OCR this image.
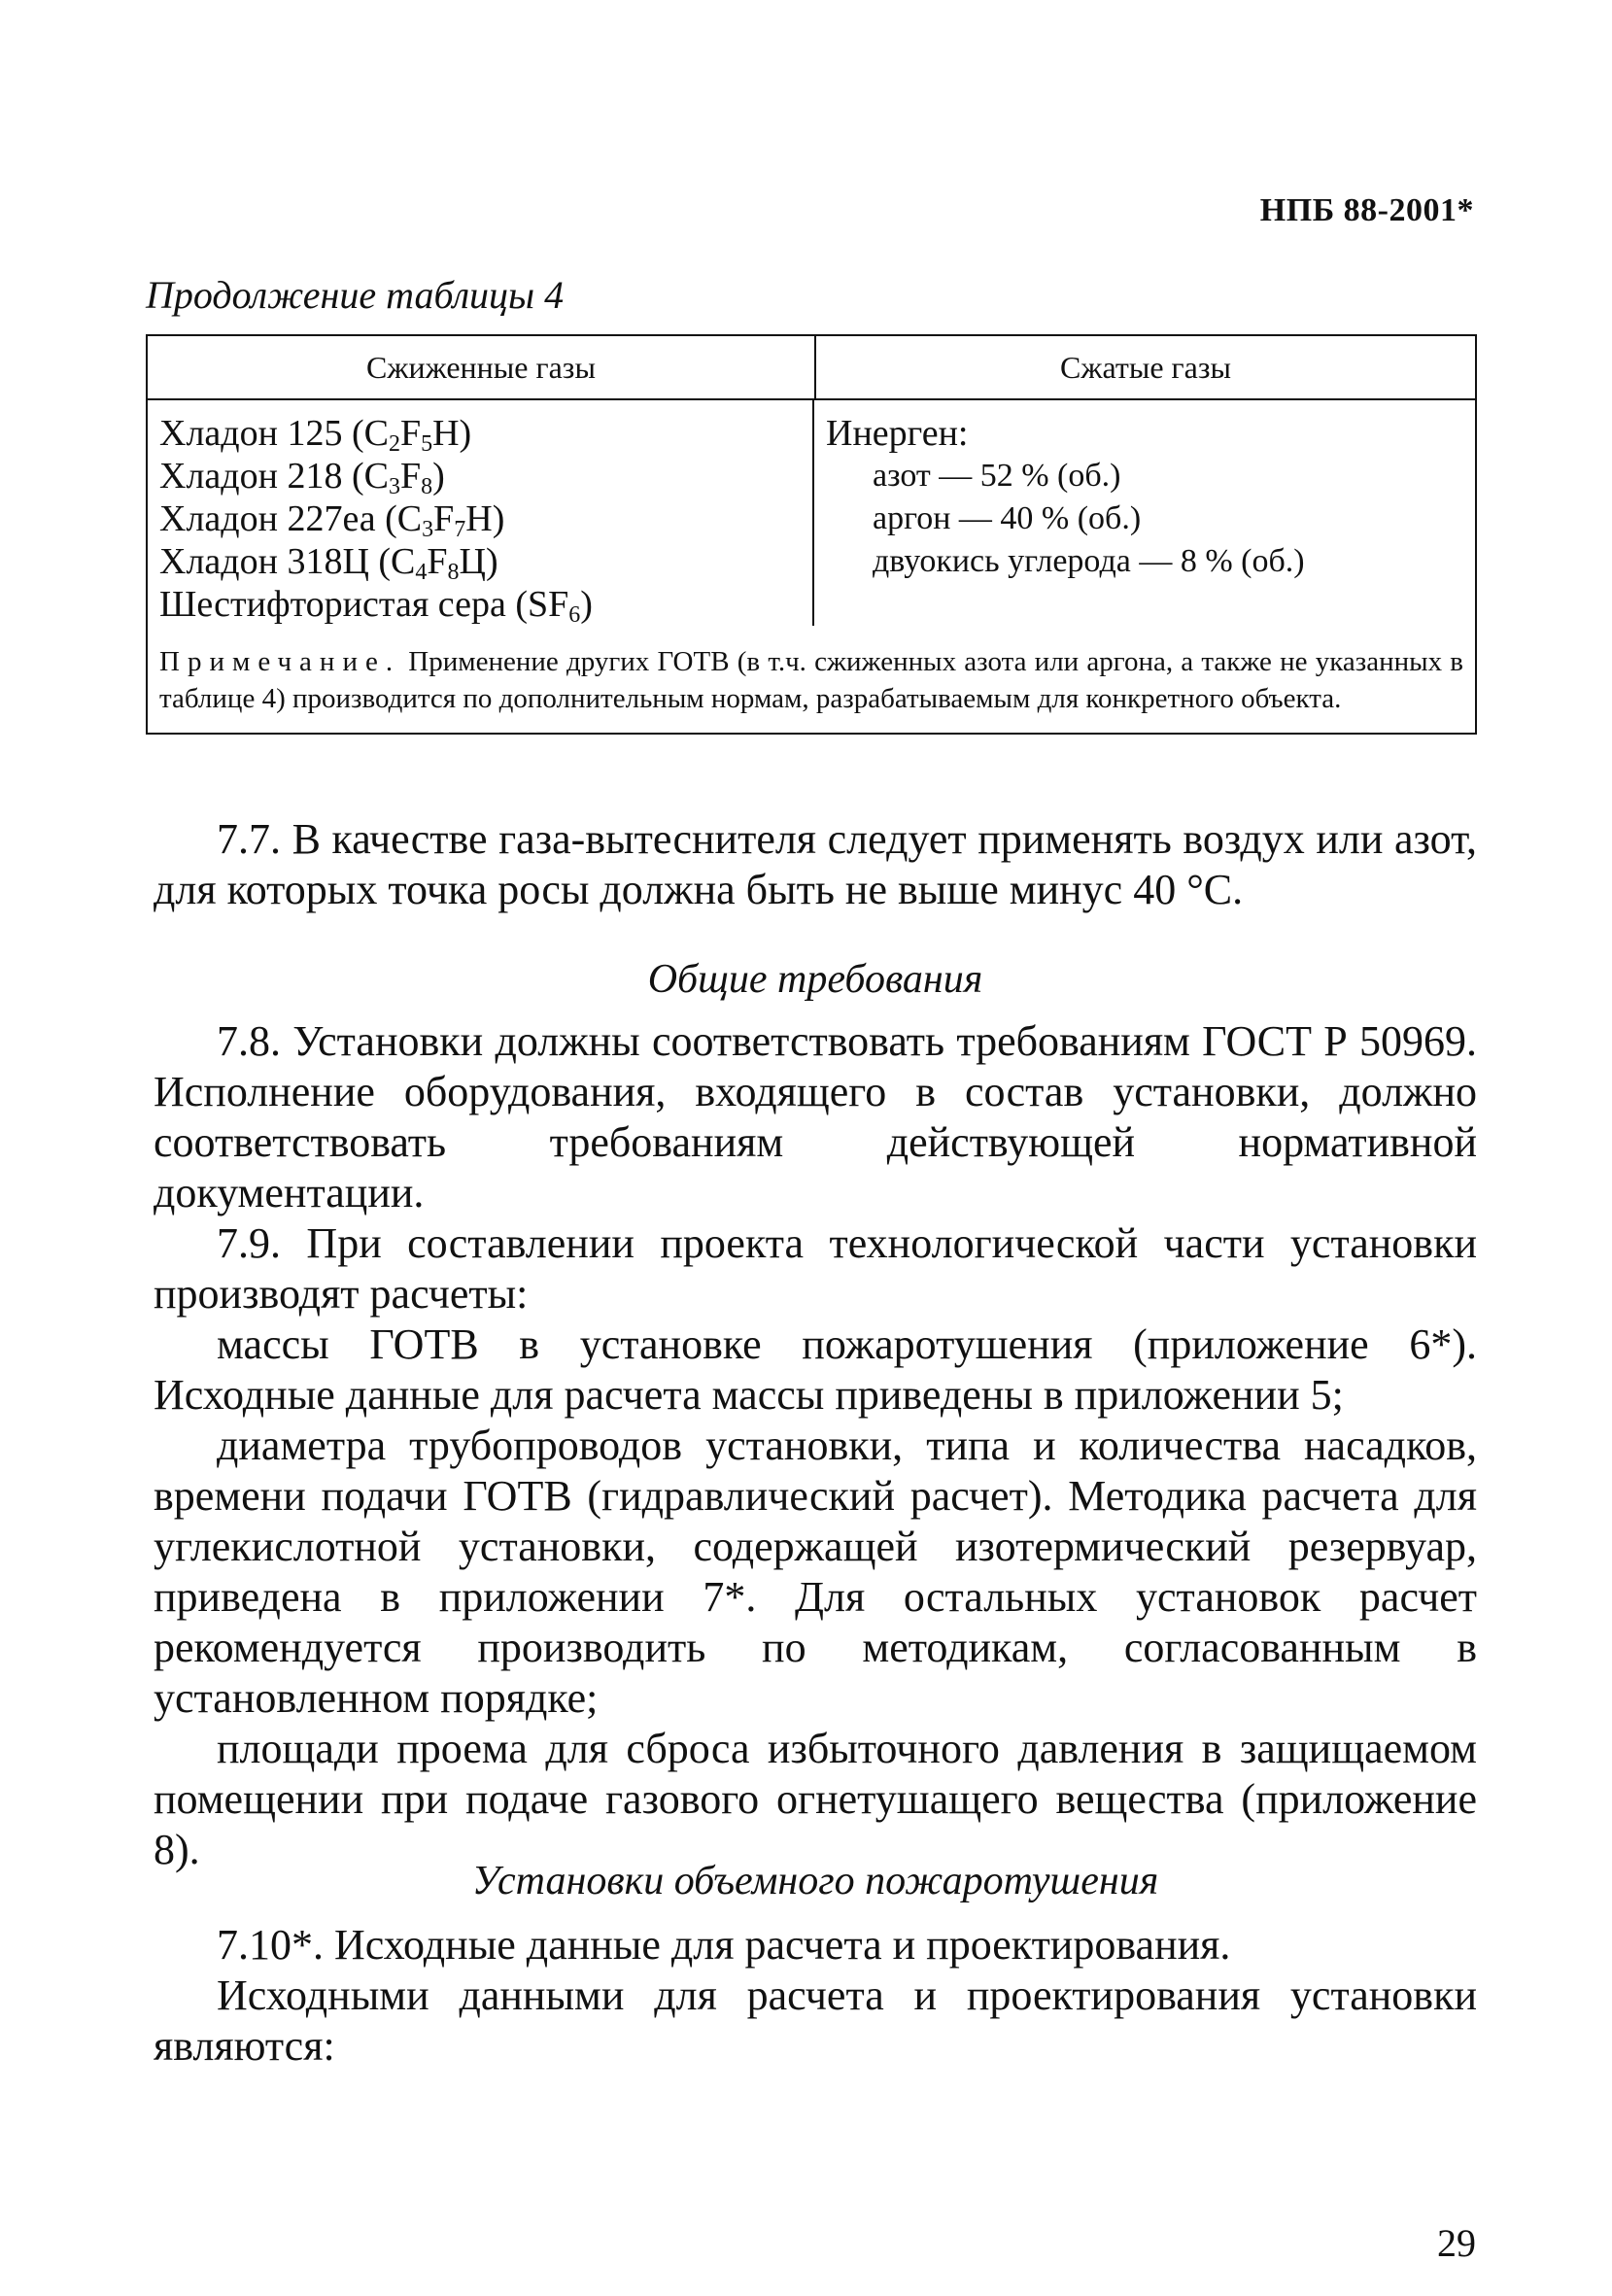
НПБ 88-2001*
Продолжение таблицы 4
Сжиженные газы	Сжатые газы
Хладон 125 $(C_2F_5H)$
Хладон 218 $(C_3F_8)$
Хладон 227еа $(C_3F_7H)$
Хладон 318Ц $(C_4F_8Ц)$
Шестифтористая сера $(SF_6)$
Инерген:
азот — 52 % (об.)
аргон — 40 % (об.)
двуокись углерода — 8 % (об.)
Примечание. Применение других ГОТВ (в т.ч. сжиженных азота или аргона, а также не указанных в таблице 4) производится по дополнительным нормам, разрабатываемым для конкретного объекта.

7.7. В качестве газа-вытеснителя следует применять воздух или азот, для которых точка росы должна быть не выше минус 40 °С.

Общие требования

7.8. Установки должны соответствовать требованиям ГОСТ Р 50969. Исполнение оборудования, входящего в состав установки, должно соответствовать требованиям действующей нормативной документации.

7.9. При составлении проекта технологической части установки производят расчеты:

массы ГОТВ в установке пожаротушения (приложение 6*). Исходные данные для расчета массы приведены в приложении 5;

диаметра трубопроводов установки, типа и количества насадков, времени подачи ГОТВ (гидравлический расчет). Методика расчета для углекислотной установки, содержащей изотермический резервуар, приведена в приложении 7*. Для остальных установок расчет рекомендуется производить по методикам, согласованным в установленном порядке;

площади проема для сброса избыточного давления в защищаемом помещении при подаче газового огнетушащего вещества (приложение 8).

Установки объемного пожаротушения

7.10*. Исходные данные для расчета и проектирования.

Исходными данными для расчета и проектирования установки являются:

29
